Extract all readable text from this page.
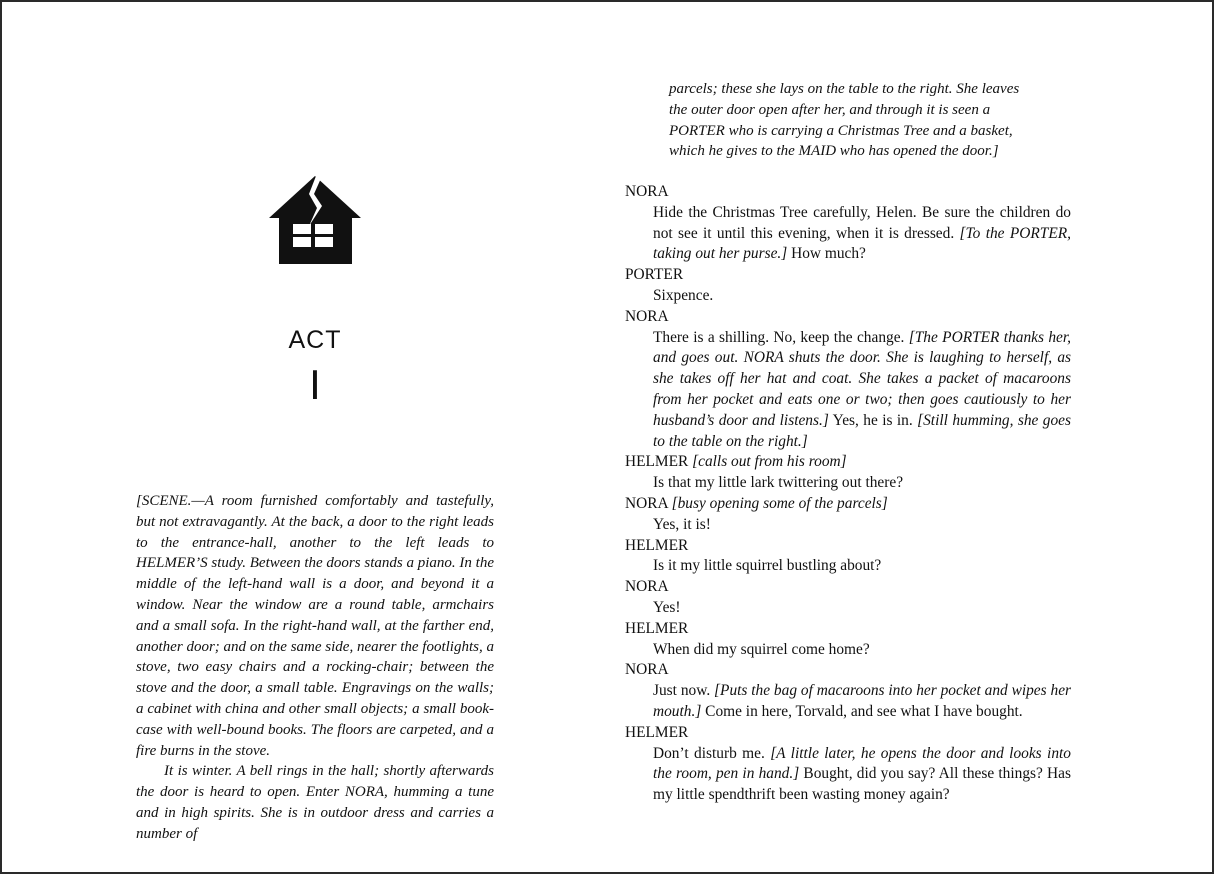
ACT
I

[SCENE.—A room furnished comfortably and tastefully, but not extravagantly. At the back, a door to the right leads to the entrance-hall, another to the left leads to HELMER’S study. Between the doors stands a piano. In the middle of the left-hand wall is a door, and beyond it a window. Near the window are a round table, armchairs and a small sofa. In the right-hand wall, at the farther end, another door; and on the same side, nearer the footlights, a stove, two easy chairs and a rocking-chair; between the stove and the door, a small table. Engravings on the walls; a cabinet with china and other small objects; a small book-case with well-bound books. The floors are carpeted, and a fire burns in the stove.

It is winter. A bell rings in the hall; shortly afterwards the door is heard to open. Enter NORA, humming a tune and in high spirits. She is in outdoor dress and carries a number of

parcels; these she lays on the table to the right. She leaves the outer door open after her, and through it is seen a PORTER who is carrying a Christmas Tree and a basket, which he gives to the MAID who has opened the door.]

NORA

Hide the Christmas Tree carefully, Helen. Be sure the children do not see it until this evening, when it is dressed. [To the PORTER, taking out her purse.] How much?

PORTER

Sixpence.

NORA

There is a shilling. No, keep the change. [The PORTER thanks her, and goes out. NORA shuts the door. She is laughing to herself, as she takes off her hat and coat. She takes a packet of macaroons from her pocket and eats one or two; then goes cautiously to her husband’s door and listens.] Yes, he is in. [Still humming, she goes to the table on the right.]

HELMER [calls out from his room]

Is that my little lark twittering out there?

NORA [busy opening some of the parcels]

Yes, it is!

HELMER

Is it my little squirrel bustling about?

NORA

Yes!

HELMER

When did my squirrel come home?

NORA

Just now. [Puts the bag of macaroons into her pocket and wipes her mouth.] Come in here, Torvald, and see what I have bought.

HELMER

Don’t disturb me. [A little later, he opens the door and looks into the room, pen in hand.] Bought, did you say? All these things? Has my little spendthrift been wasting money again?
